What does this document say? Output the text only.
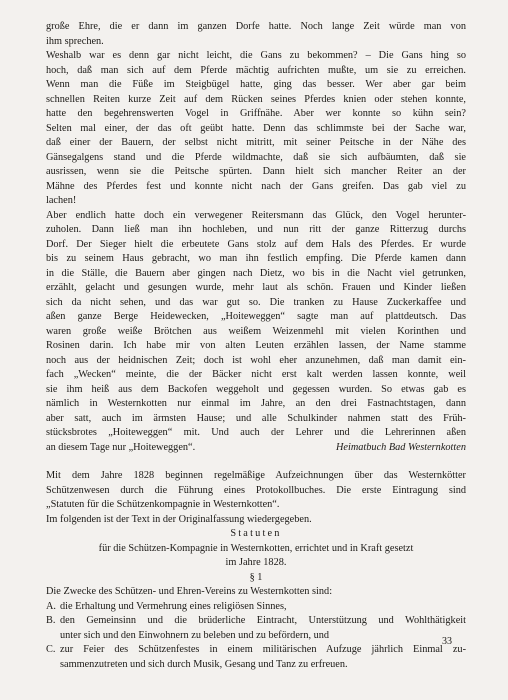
große Ehre, die er dann im ganzen Dorfe hatte. Noch lange Zeit würde man von
ihm sprechen.
Weshalb war es denn gar nicht leicht, die Gans zu bekommen? – Die Gans hing so
hoch, daß man sich auf dem Pferde mächtig aufrichten mußte, um sie zu erreichen.
Wenn man die Füße im Steigbügel hatte, ging das besser. Wer aber gar beim
schnellen Reiten kurze Zeit auf dem Rücken seines Pferdes knien oder stehen konnte,
hatte den begehrenswerten Vogel in Griffnähe. Aber wer konnte so kühn sein?
Selten mal einer, der das oft geübt hatte. Denn das schlimmste bei der Sache war,
daß einer der Bauern, der selbst nicht mitritt, mit seiner Peitsche in der Nähe des
Gänsegalgens stand und die Pferde wildmachte, daß sie sich aufbäumten, daß sie
ausrissen, wenn sie die Peitsche spürten. Dann hielt sich mancher Reiter an der
Mähne des Pferdes fest und konnte nicht nach der Gans greifen. Das gab viel zu
lachen!
Aber endlich hatte doch ein verwegener Reitersmann das Glück, den Vogel herunter-
zuholen. Dann ließ man ihn hochleben, und nun ritt der ganze Ritterzug durchs
Dorf. Der Sieger hielt die erbeutete Gans stolz auf dem Hals des Pferdes. Er wurde
bis zu seinem Haus gebracht, wo man ihn festlich empfing. Die Pferde kamen dann
in die Ställe, die Bauern aber gingen nach Dietz, wo bis in die Nacht viel getrunken,
erzählt, gelacht und gesungen wurde, mehr laut als schön. Frauen und Kinder ließen
sich da nicht sehen, und das war gut so. Die tranken zu Hause Zuckerkaffee und
aßen ganze Berge Heidewecken, „Hoiteweggen“ sagte man auf plattdeutsch. Das
waren große weiße Brötchen aus weißem Weizenmehl mit vielen Korinthen und
Rosinen darin. Ich habe mir von alten Leuten erzählen lassen, der Name stamme
noch aus der heidnischen Zeit; doch ist wohl eher anzunehmen, daß man damit ein-
fach „Wecken“ meinte, die der Bäcker nicht erst kalt werden lassen konnte, weil
sie ihm heiß aus dem Backofen weggeholt und gegessen wurden. So etwas gab es
nämlich in Westernkotten nur einmal im Jahre, an den drei Fastnachtstagen, dann
aber satt, auch im ärmsten Hause; und alle Schulkinder nahmen statt des Früh-
stücksbrotes „Hoiteweggen“ mit. Und auch der Lehrer und die Lehrerinnen aßen
an diesem Tage nur „Hoiteweggen“.	Heimatbuch Bad Westernkotten
Mit dem Jahre 1828 beginnen regelmäßige Aufzeichnungen über das Westernkötter
Schützenwesen durch die Führung eines Protokollbuches. Die erste Eintragung sind
„Statuten für die Schützenkompagnie in Westernkotten“.
Im folgenden ist der Text in der Originalfassung wiedergegeben.
Statuten
für die Schützen-Kompagnie in Westernkotten, errichtet und in Kraft gesetzt
im Jahre 1828.
§ 1
Die Zwecke des Schützen- und Ehren-Vereins zu Westernkotten sind:
A. die Erhaltung und Vermehrung eines religiösen Sinnes,
B. den Gemeinsinn und die brüderliche Eintracht, Unterstützung und Wohlthätigkeit
unter sich und den Einwohnern zu beleben und zu befördern, und
C. zur Feier des Schützenfestes in einem militärischen Aufzuge jährlich Einmal zu-
sammenzutreten und sich durch Musik, Gesang und Tanz zu erfreuen.
33
